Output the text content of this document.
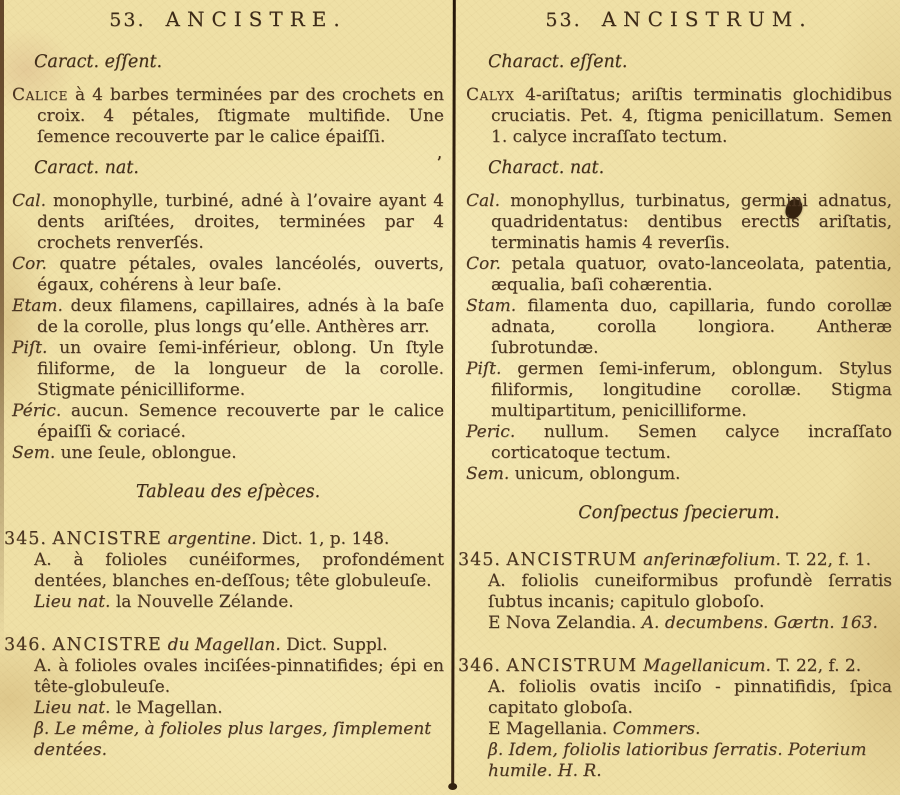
53. ANCISTRE.
Caract. eſſent.

Calice à 4 barbes terminées par des crochets en croix. 4 pétales, ſtigmate multifide. Une ſemence recouverte par le calice épaiſſi.

Caract. nat.	’

Cal. monophylle, turbiné, adné à l’ovaire ayant 4 dents ariſtées, droites, terminées par 4 crochets renverſés.

Cor. quatre pétales, ovales lancéolés, ouverts, égaux, cohérens à leur baſe.

Etam. deux filamens, capillaires, adnés à la baſe de la corolle, plus longs qu’elle. Anthères arr.

Piſt. un ovaire ſemi-inférieur, oblong. Un ſtyle filiforme, de la longueur de la corolle. Stigmate pénicilliforme.

Péric. aucun. Semence recouverte par le calice épaiſſi & coriacé.

Sem. une ſeule, oblongue.

Tableau des eſpèces.
345. ANCISTRE argentine. Dict. 1, p. 148.

A. à folioles cunéiformes, profondément dentées, blanches en-deſſous; tête globuleuſe.

Lieu nat. la Nouvelle Zélande.

346. ANCISTRE du Magellan. Dict. Suppl.

A. à folioles ovales inciſées-pinnatifides; épi en tête-globuleuſe.

Lieu nat. le Magellan.

β. Le même, à folioles plus larges, ſimplement dentées.

53. ANCISTRUM.
Charact. eſſent.

Calyx 4-ariſtatus; ariſtis terminatis glochidibus cruciatis. Pet. 4, ſtigma penicillatum. Semen 1. calyce incraſſato tectum.

Charact. nat.

Cal. monophyllus, turbinatus, germini adnatus, quadridentatus: dentibus erectis ariſtatis, terminatis hamis 4 reverſis.

Cor. petala quatuor, ovato-lanceolata, patentia, æqualia, baſi cohærentia.

Stam. filamenta duo, capillaria, fundo corollæ adnata, corolla longiora. Antheræ ſubrotundæ.

Piſt. germen ſemi-inferum, oblongum. Stylus filiformis, longitudine corollæ. Stigma multipartitum, penicilliforme.

Peric. nullum. Semen calyce incraſſato corticatoque tectum.

Sem. unicum, oblongum.

Conſpectus ſpecierum.
345. ANCISTRUM anſerinæfolium. T. 22, f. 1.

A. foliolis cuneiformibus profundè ſerratis ſubtus incanis; capitulo globoſo.

E Nova Zelandia. A. decumbens. Gærtn. 163.

346. ANCISTRUM Magellanicum. T. 22, f. 2.

A. foliolis ovatis inciſo - pinnatifidis, ſpica capitato globoſa.

E Magellania. Commers.

β. Idem, foliolis latioribus ſerratis. Poterium humile. H. R.
